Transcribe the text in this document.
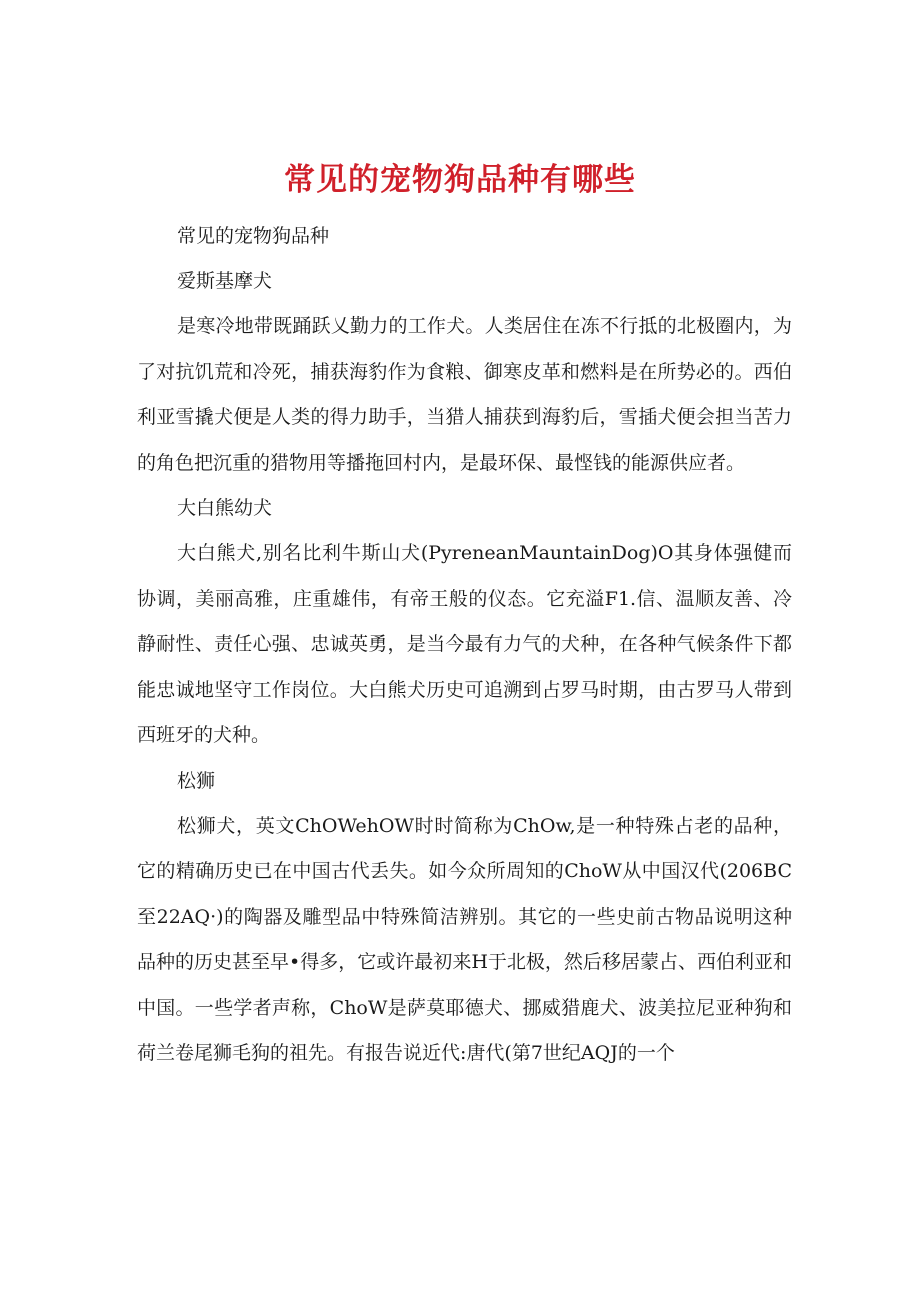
常见的宠物狗品种有哪些

常见的宠物狗品种

爱斯基摩犬

是寒冷地带既踊跃乂勤力的工作犬。人类居住在冻不行抵的北极圈内，为了对抗饥荒和冷死，捕获海豹作为食粮、御寒皮革和燃料是在所势必的。西伯利亚雪撬犬便是人类的得力助手，当猎人捕获到海豹后，雪插犬便会担当苦力的角色把沉重的猎物用等播拖回村内，是最环保、最悭钱的能源供应者。

大白熊幼犬

大白熊犬,别名比利牛斯山犬(PyreneanMauntainDog)O其身体强健而协调，美丽高雅，庄重雄伟，有帝王般的仪态。它充溢F1.信、温顺友善、冷静耐性、责任心强、忠诚英勇，是当今最有力气的犬种，在各种气候条件下都能忠诚地坚守工作岗位。大白熊犬历史可追溯到占罗马时期，由古罗马人带到西班牙的犬种。

松狮

松狮犬，英文ChOWehOW时时简称为ChOw,是一种特殊占老的品种，它的精确历史已在中国古代丢失。如今众所周知的ChoW从中国汉代(206BC至22AQ·)的陶器及雕型品中特殊简洁辨别。其它的一些史前古物品说明这种品种的历史甚至早•得多，它或许最初来H于北极，然后移居蒙占、西伯利亚和中国。一些学者声称，ChoW是萨莫耶德犬、挪威猎鹿犬、波美拉尼亚种狗和荷兰卷尾狮毛狗的祖先。有报告说近代:唐代(第7世纪AQJ的一个
